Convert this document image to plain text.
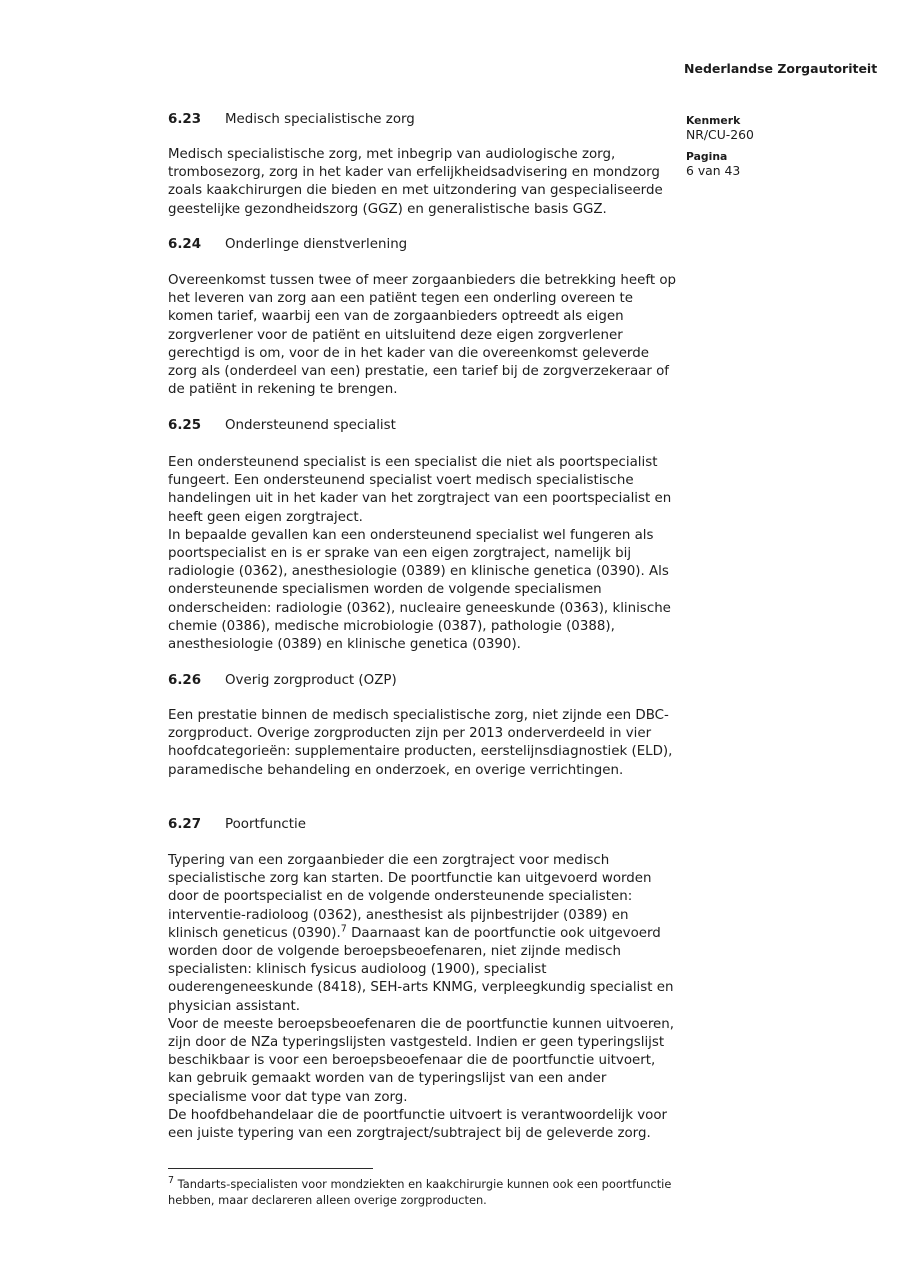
Nederlandse Zorgautoriteit
Kenmerk
NR/CU-260
Pagina
6 van 43
6.23 Medisch specialistische zorg

Medisch specialistische zorg, met inbegrip van audiologische zorg, trombosezorg, zorg in het kader van erfelijkheidsadvisering en mondzorg zoals kaakchirurgen die bieden en met uitzondering van gespecialiseerde geestelijke gezondheidszorg (GGZ) en generalistische basis GGZ.

6.24 Onderlinge dienstverlening

Overeenkomst tussen twee of meer zorgaanbieders die betrekking heeft op het leveren van zorg aan een patiënt tegen een onderling overeen te komen tarief, waarbij een van de zorgaanbieders optreedt als eigen zorgverlener voor de patiënt en uitsluitend deze eigen zorgverlener gerechtigd is om, voor de in het kader van die overeenkomst geleverde zorg als (onderdeel van een) prestatie, een tarief bij de zorgverzekeraar of de patiënt in rekening te brengen.

6.25 Ondersteunend specialist

Een ondersteunend specialist is een specialist die niet als poortspecialist fungeert. Een ondersteunend specialist voert medisch specialistische handelingen uit in het kader van het zorgtraject van een poortspecialist en heeft geen eigen zorgtraject.

In bepaalde gevallen kan een ondersteunend specialist wel fungeren als poortspecialist en is er sprake van een eigen zorgtraject, namelijk bij radiologie (0362), anesthesiologie (0389) en klinische genetica (0390). Als ondersteunende specialismen worden de volgende specialismen onderscheiden: radiologie (0362), nucleaire geneeskunde (0363), klinische chemie (0386), medische microbiologie (0387), pathologie (0388), anesthesiologie (0389) en klinische genetica (0390).

6.26 Overig zorgproduct (OZP)

Een prestatie binnen de medisch specialistische zorg, niet zijnde een DBC-zorgproduct. Overige zorgproducten zijn per 2013 onderverdeeld in vier hoofdcategorieën: supplementaire producten, eerstelijnsdiagnostiek (ELD), paramedische behandeling en onderzoek, en overige verrichtingen.

6.27 Poortfunctie

Typering van een zorgaanbieder die een zorgtraject voor medisch specialistische zorg kan starten. De poortfunctie kan uitgevoerd worden door de poortspecialist en de volgende ondersteunende specialisten: interventie-radioloog (0362), anesthesist als pijnbestrijder (0389) en klinisch geneticus (0390).$^7$ Daarnaast kan de poortfunctie ook uitgevoerd worden door de volgende beroepsbeoefenaren, niet zijnde medisch specialisten: klinisch fysicus audioloog (1900), specialist ouderengeneeskunde (8418), SEH-arts KNMG, verpleegkundig specialist en physician assistant.

Voor de meeste beroepsbeoefenaren die de poortfunctie kunnen uitvoeren, zijn door de NZa typeringslijsten vastgesteld. Indien er geen typeringslijst beschikbaar is voor een beroepsbeoefenaar die de poortfunctie uitvoert, kan gebruik gemaakt worden van de typeringslijst van een ander specialisme voor dat type van zorg.

De hoofdbehandelaar die de poortfunctie uitvoert is verantwoordelijk voor een juiste typering van een zorgtraject/subtraject bij de geleverde zorg.

$^7$ Tandarts-specialisten voor mondziekten en kaakchirurgie kunnen ook een poortfunctie hebben, maar declareren alleen overige zorgproducten.
